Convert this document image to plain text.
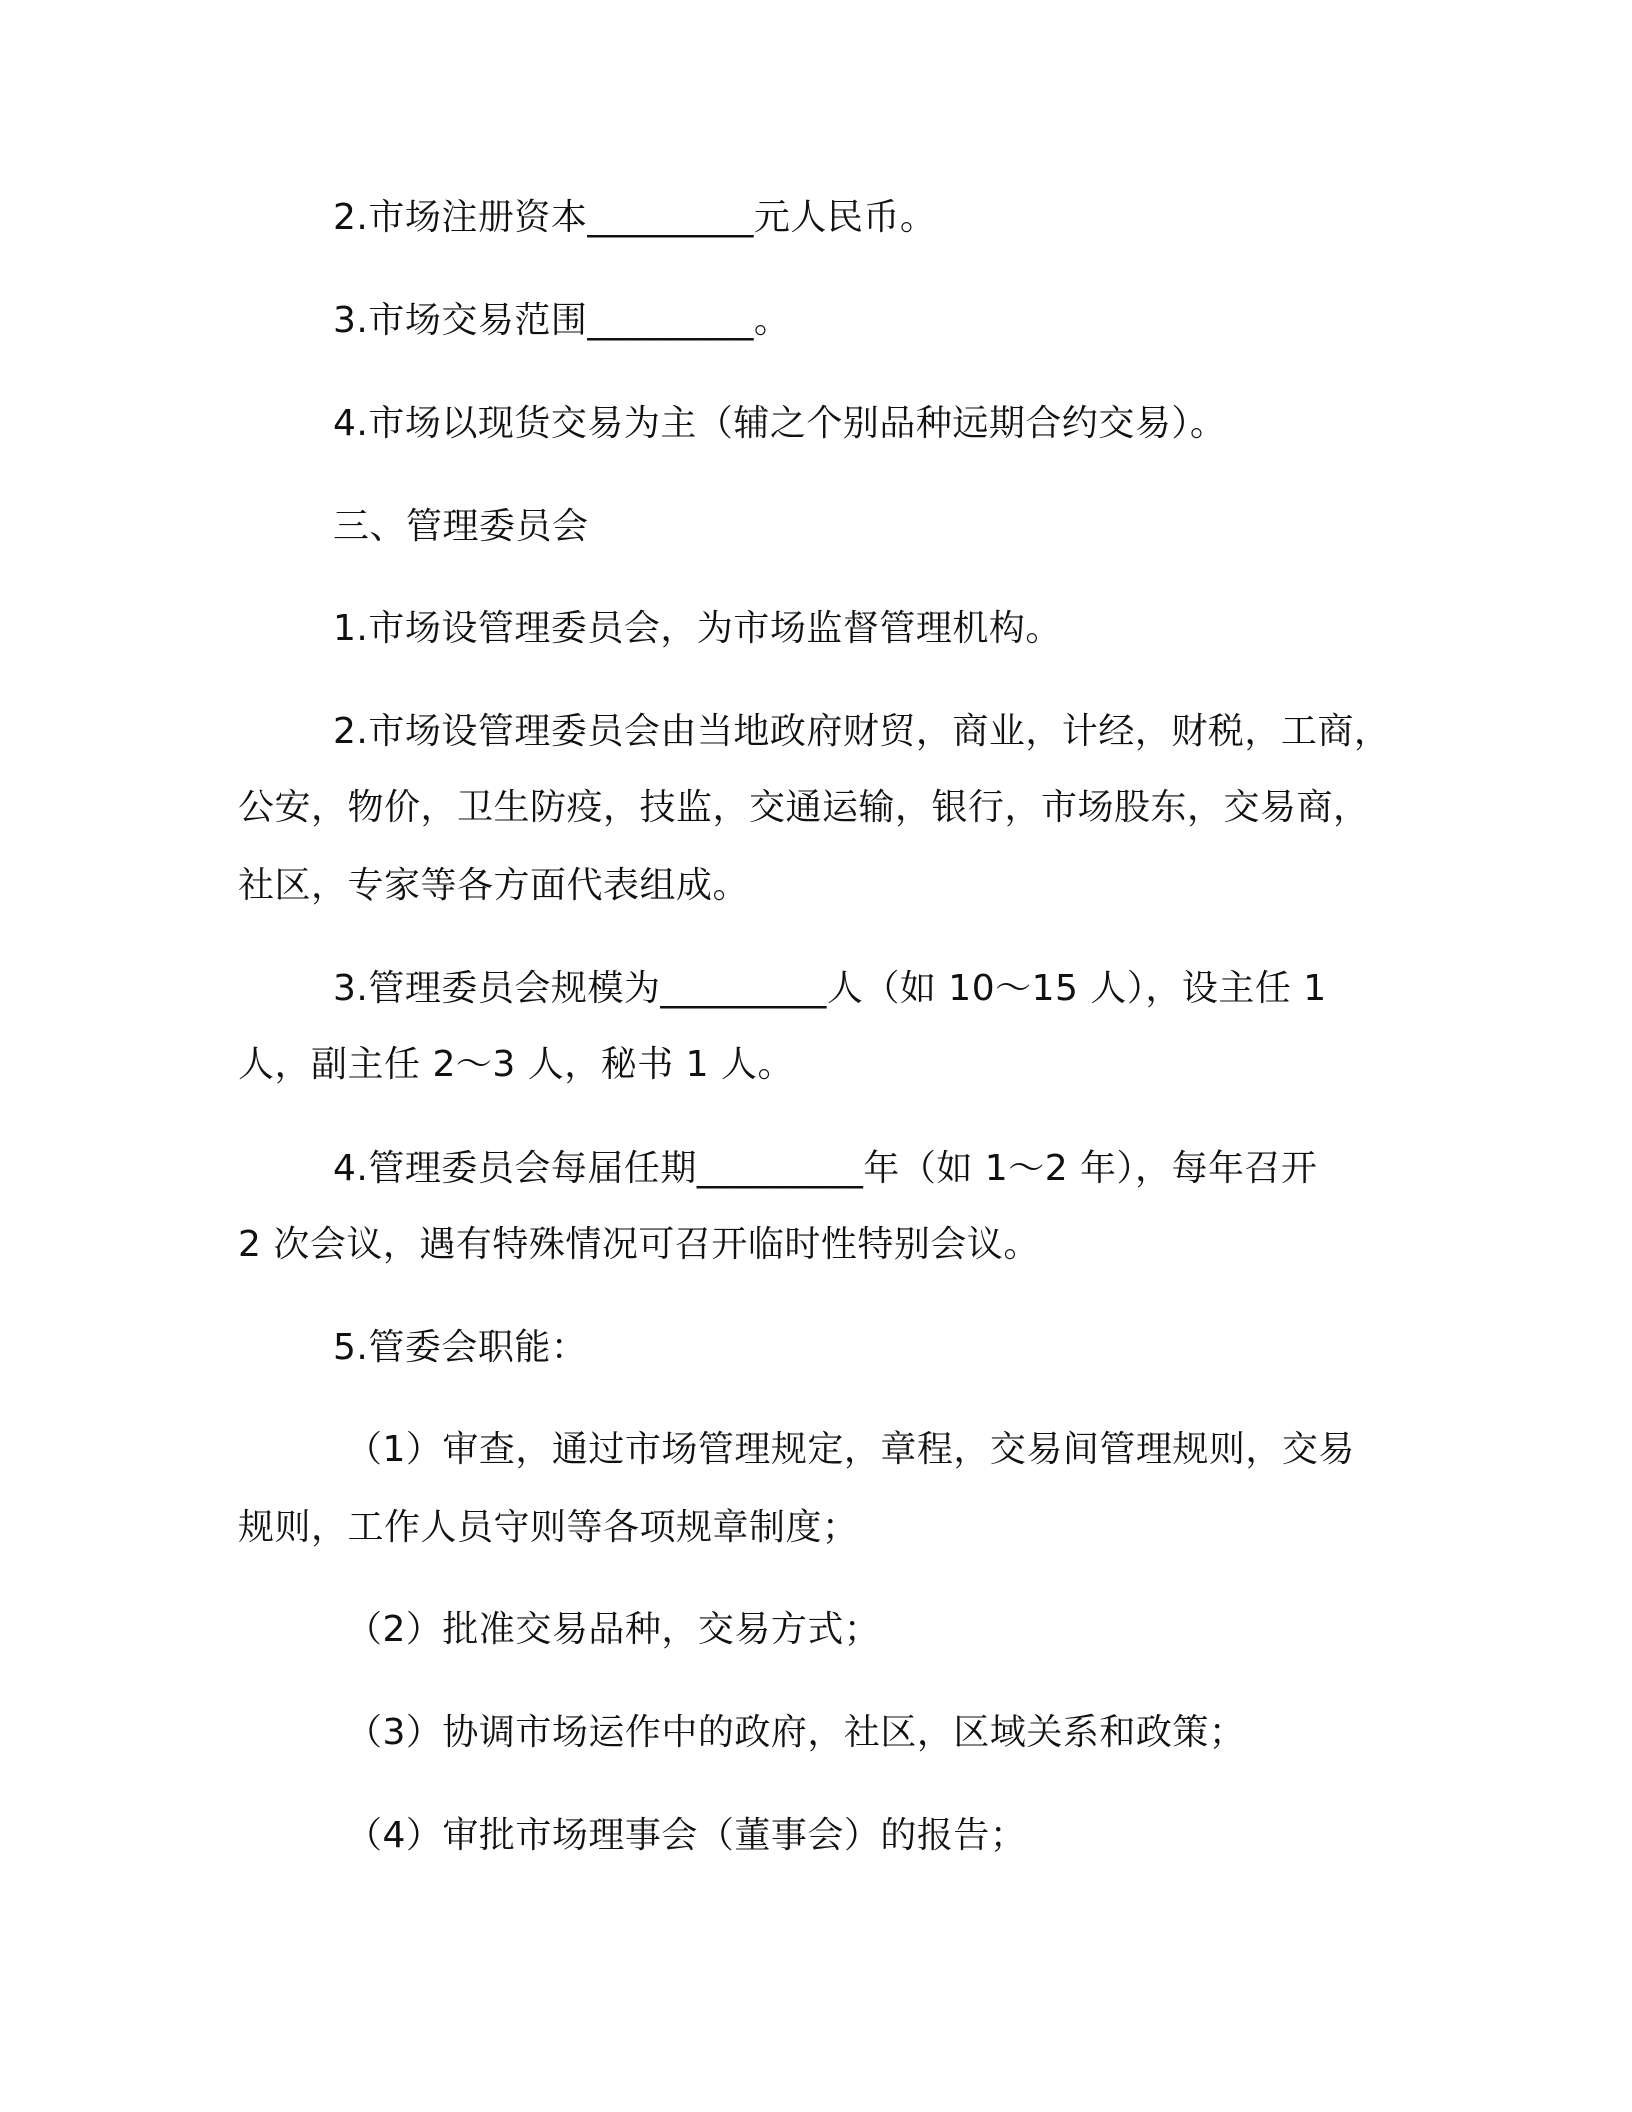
2.市场注册资本_________元人民币。
3.市场交易范围_________。
4.市场以现货交易为主（辅之个别品种远期合约交易）。
三、管理委员会
1.市场设管理委员会，为市场监督管理机构。
2.市场设管理委员会由当地政府财贸，商业，计经，财税，工商，
公安，物价，卫生防疫，技监，交通运输，银行，市场股东，交易商，
社区，专家等各方面代表组成。
3.管理委员会规模为_________人（如 10～15 人），设主任 1
人，副主任 2～3 人，秘书 1 人。
4.管理委员会每届任期_________年（如 1～2 年），每年召开
2 次会议，遇有特殊情况可召开临时性特别会议。
5.管委会职能：
（1）审查，通过市场管理规定，章程，交易间管理规则，交易
规则，工作人员守则等各项规章制度；
（2）批准交易品种，交易方式；
（3）协调市场运作中的政府，社区，区域关系和政策；
（4）审批市场理事会（董事会）的报告；
